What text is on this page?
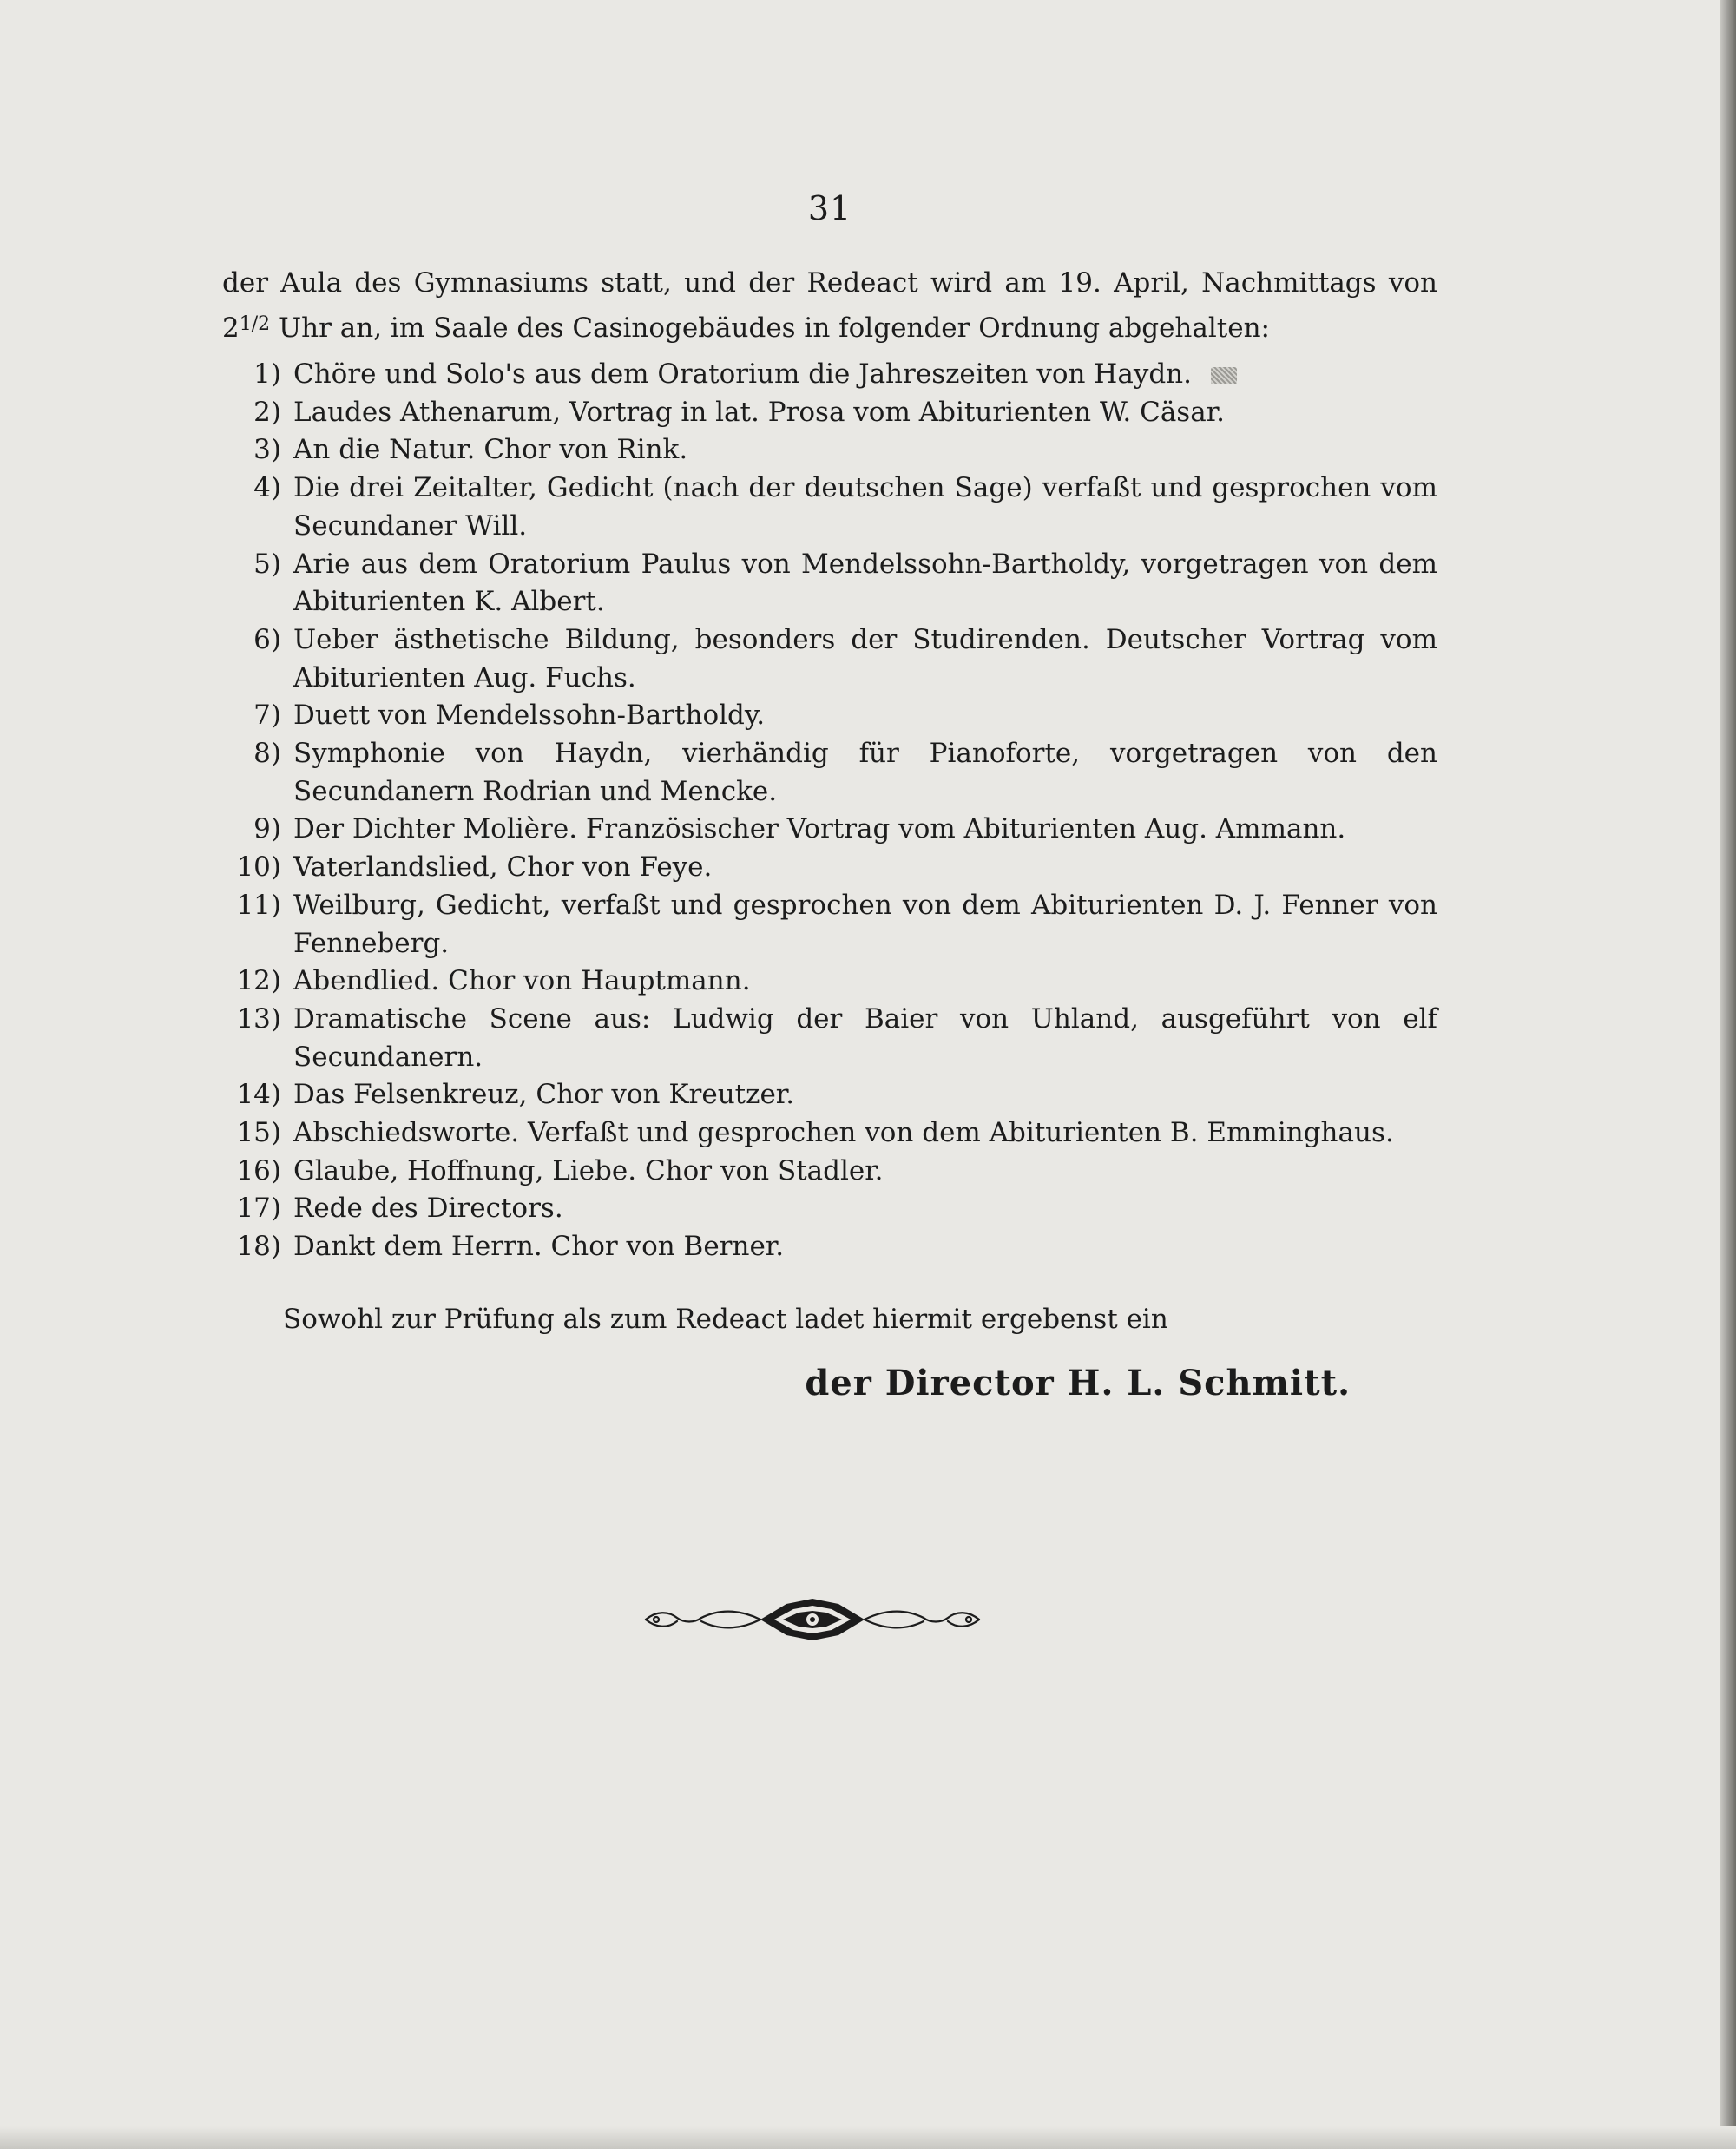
31
der Aula des Gymnasiums statt, und der Redeact wird am 19. April, Nachmittags von $2^{1/2}$ Uhr an, im Saale des Casinogebäudes in folgender Ordnung abgehalten:
1) Chöre und Solo's aus dem Oratorium die Jahreszeiten von Haydn.
2) Laudes Athenarum, Vortrag in lat. Prosa vom Abiturienten W. Cäsar.
3) An die Natur. Chor von Rink.
4) Die drei Zeitalter, Gedicht (nach der deutschen Sage) verfaßt und gesprochen vom Secundaner Will.
5) Arie aus dem Oratorium Paulus von Mendelssohn-Bartholdy, vorgetragen von dem Abiturienten K. Albert.
6) Ueber ästhetische Bildung, besonders der Studirenden. Deutscher Vortrag vom Abiturienten Aug. Fuchs.
7) Duett von Mendelssohn-Bartholdy.
8) Symphonie von Haydn, vierhändig für Pianoforte, vorgetragen von den Secundanern Rodrian und Mencke.
9) Der Dichter Molière. Französischer Vortrag vom Abiturienten Aug. Ammann.
10) Vaterlandslied, Chor von Feye.
11) Weilburg, Gedicht, verfaßt und gesprochen von dem Abiturienten D. J. Fenner von Fenneberg.
12) Abendlied. Chor von Hauptmann.
13) Dramatische Scene aus: Ludwig der Baier von Uhland, ausgeführt von elf Secundanern.
14) Das Felsenkreuz, Chor von Kreutzer.
15) Abschiedsworte. Verfaßt und gesprochen von dem Abiturienten B. Emminghaus.
16) Glaube, Hoffnung, Liebe. Chor von Stadler.
17) Rede des Directors.
18) Dankt dem Herrn. Chor von Berner.
Sowohl zur Prüfung als zum Redeact ladet hiermit ergebenst ein
der Director H. L. Schmitt.
